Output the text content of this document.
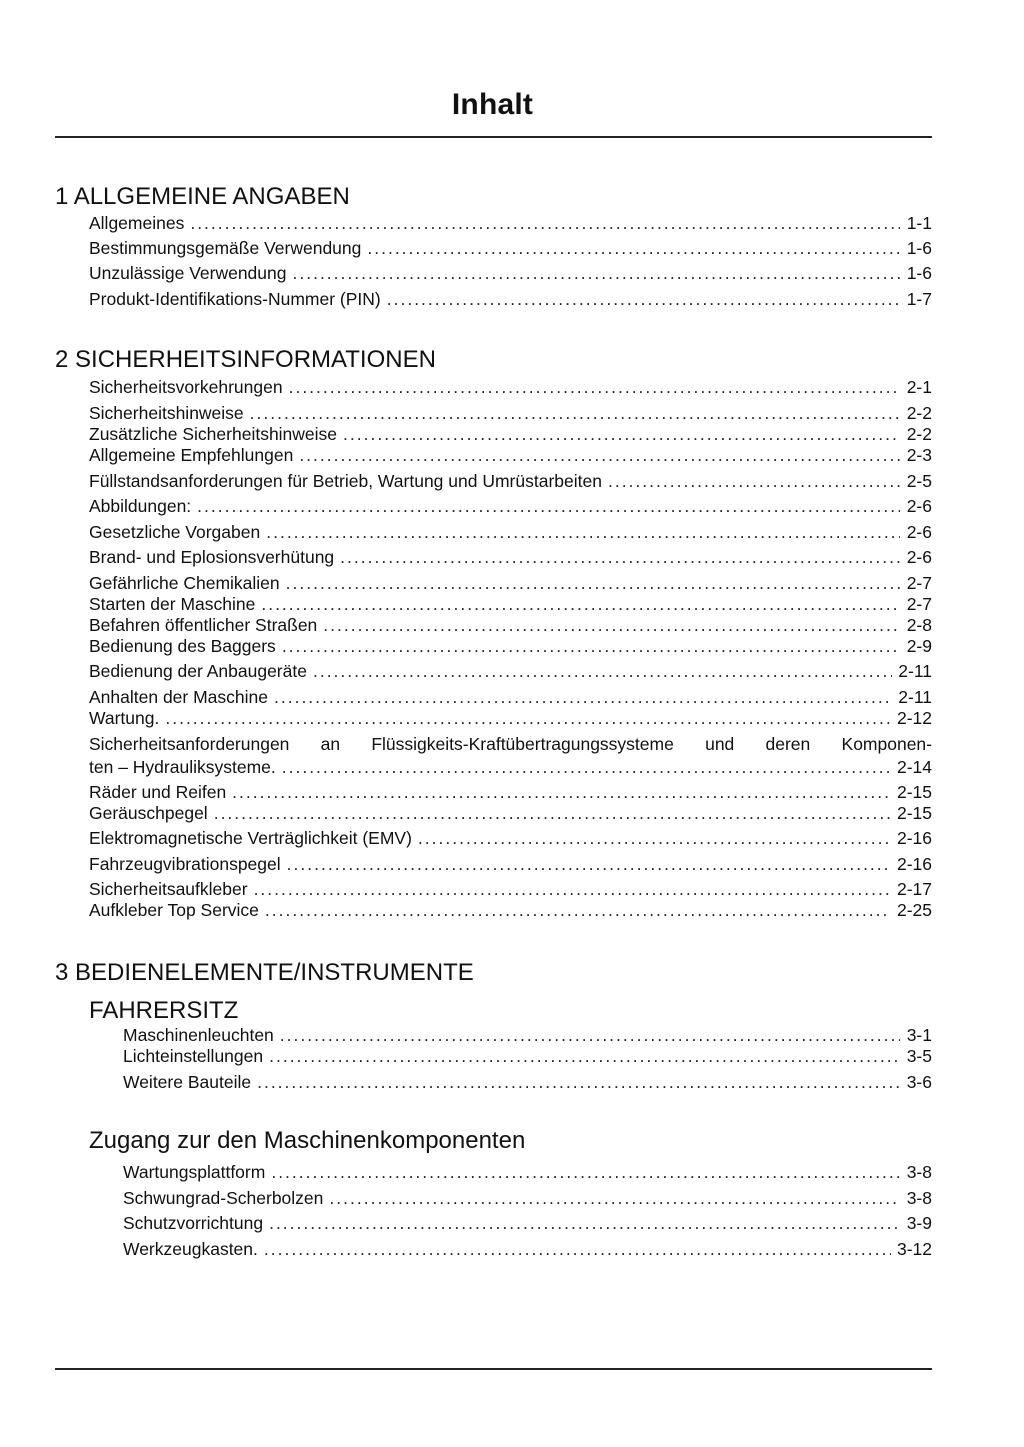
Inhalt
1 ALLGEMEINE ANGABEN
Allgemeines .....	1-1
Bestimmungsgemäße Verwendung .....	1-6
Unzulässige Verwendung .....	1-6
Produkt-Identifikations-Nummer (PIN) .....	1-7
2 SICHERHEITSINFORMATIONEN
Sicherheitsvorkehrungen .....	2-1
Sicherheitshinweise .....	2-2
Zusätzliche Sicherheitshinweise .....	2-2
Allgemeine Empfehlungen .....	2-3
Füllstandsanforderungen für Betrieb, Wartung und Umrüstarbeiten .....	2-5
Abbildungen: .....	2-6
Gesetzliche Vorgaben .....	2-6
Brand- und Eplosionsverhütung .....	2-6
Gefährliche Chemikalien .....	2-7
Starten der Maschine .....	2-7
Befahren öffentlicher Straßen .....	2-8
Bedienung des Baggers .....	2-9
Bedienung der Anbaugeräte .....	2-11
Anhalten der Maschine .....	2-11
Wartung. .....	2-12
Sicherheitsanforderungen an Flüssigkeits-Kraftübertragungssysteme und deren Komponen-
ten – Hydrauliksysteme. .....	2-14
Räder und Reifen .....	2-15
Geräuschpegel .....	2-15
Elektromagnetische Verträglichkeit (EMV) .....	2-16
Fahrzeugvibrationspegel .....	2-16
Sicherheitsaufkleber .....	2-17
Aufkleber Top Service .....	2-25
3 BEDIENELEMENTE/INSTRUMENTE
FAHRERSITZ
Maschinenleuchten .....	3-1
Lichteinstellungen .....	3-5
Weitere Bauteile .....	3-6
Zugang zur den Maschinenkomponenten
Wartungsplattform .....	3-8
Schwungrad-Scherbolzen .....	3-8
Schutzvorrichtung .....	3-9
Werkzeugkasten. .....	3-12
